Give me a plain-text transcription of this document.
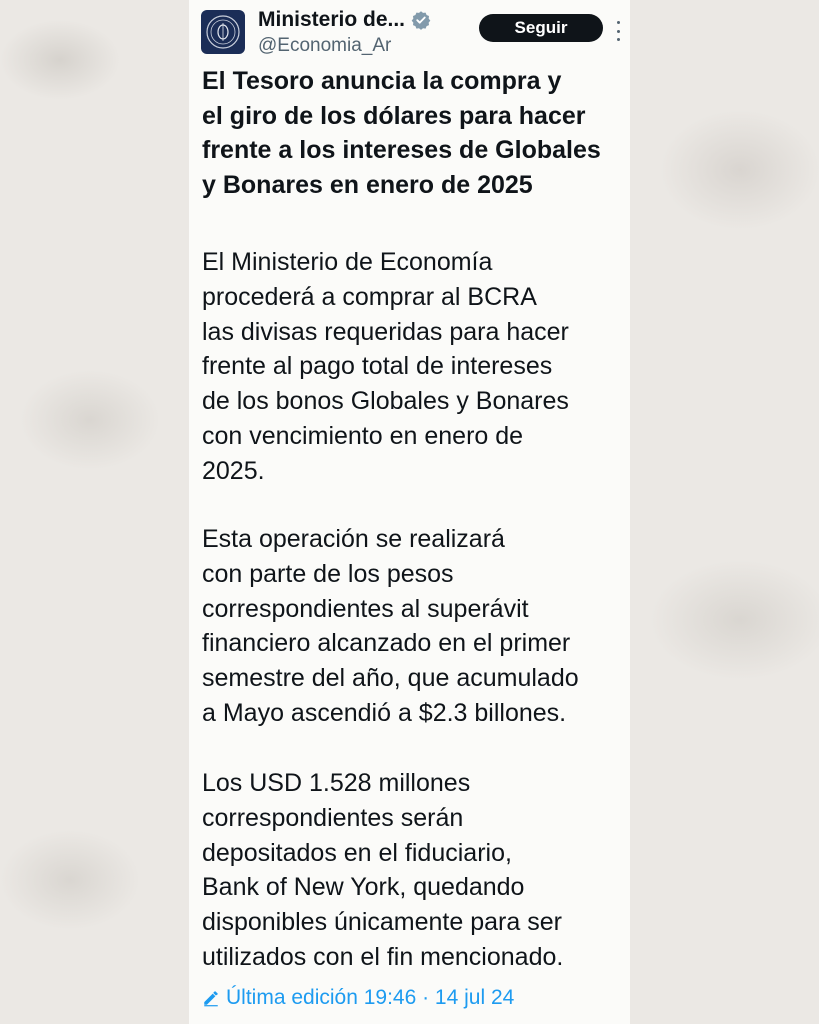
Ministerio de...
@Economia_Ar
Seguir
El Tesoro anuncia la compra y
el giro de los dólares para hacer
frente a los intereses de Globales
y Bonares en enero de 2025

El Ministerio de Economía
procederá a comprar al BCRA
las divisas requeridas para hacer
frente al pago total de intereses
de los bonos Globales y Bonares
con vencimiento en enero de
2025.

Esta operación se realizará
con parte de los pesos
correspondientes al superávit
financiero alcanzado en el primer
semestre del año, que acumulado
a Mayo ascendió a $2.3 billones.

Los USD 1.528 millones
correspondientes serán
depositados en el fiduciario,
Bank of New York, quedando
disponibles únicamente para ser
utilizados con el fin mencionado.

Última edición 19:46 · 14 jul 24
